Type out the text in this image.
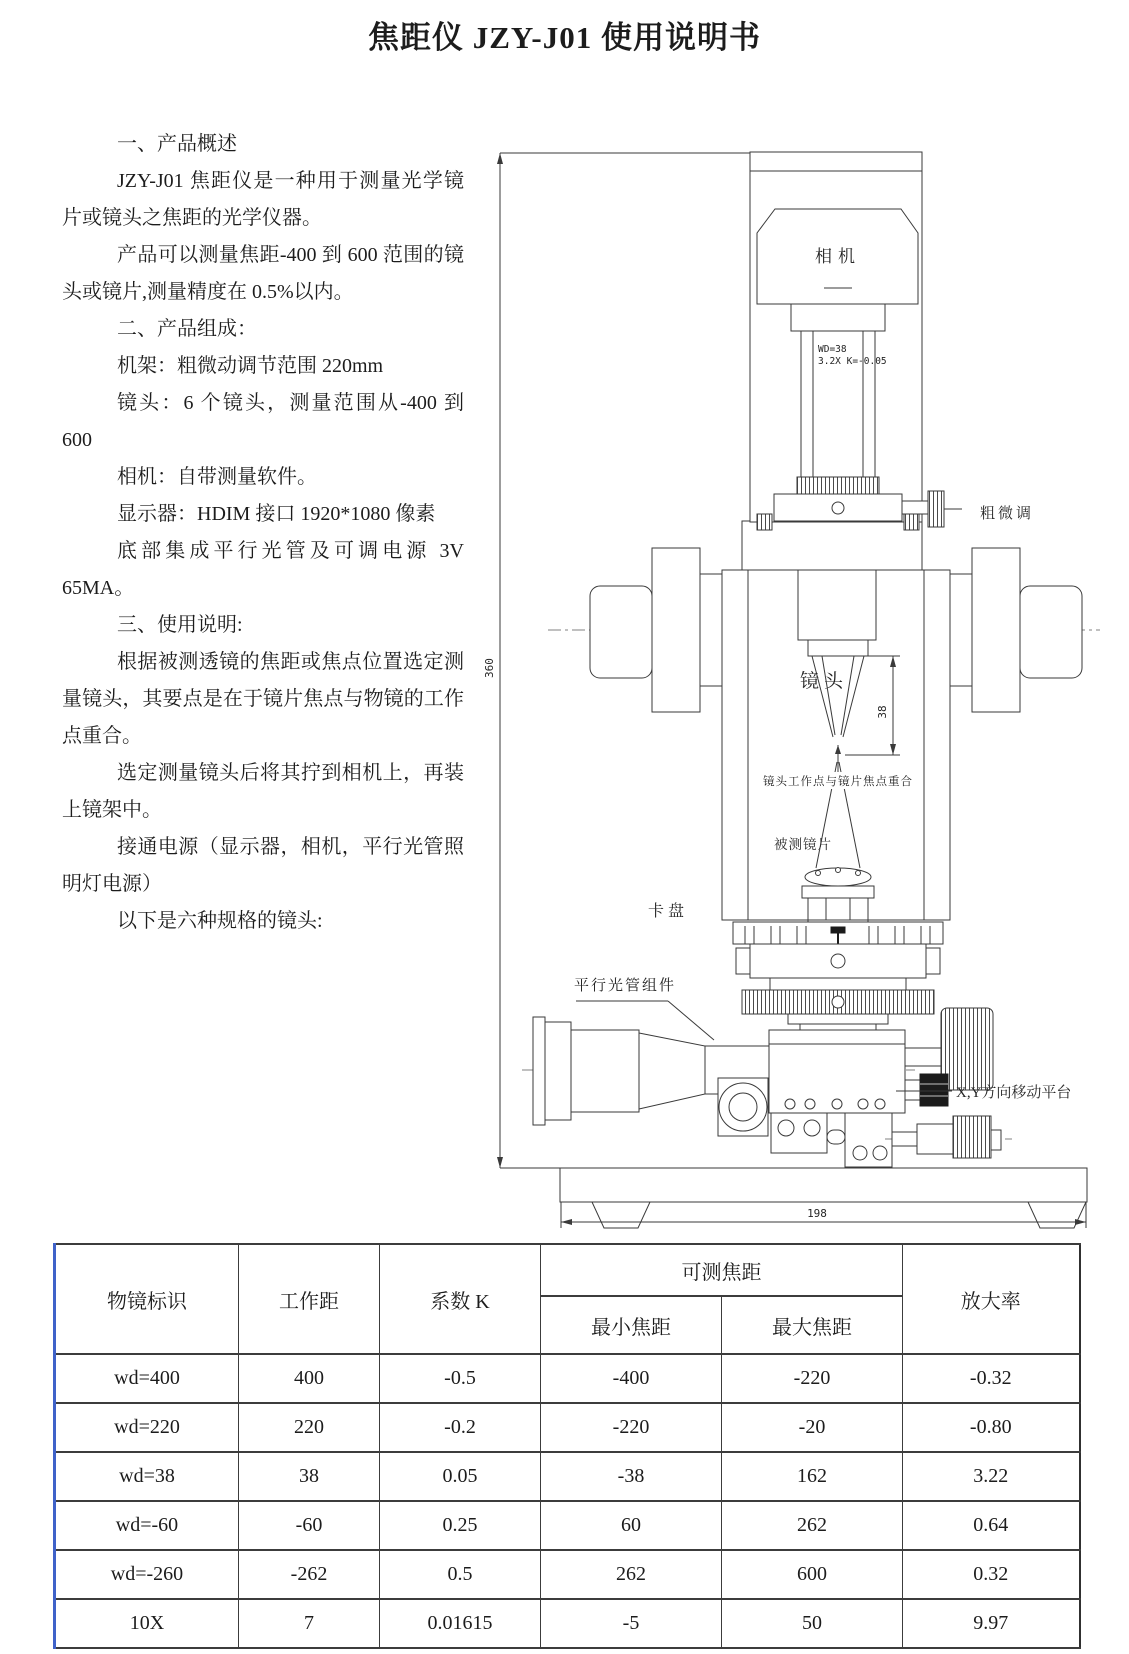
焦距仪 JZY-J01 使用说明书

一、产品概述

JZY-J01 焦距仪是一种用于测量光学镜片或镜头之焦距的光学仪器。

产品可以测量焦距-400 到 600 范围的镜头或镜片,测量精度在 0.5%以内。

二、产品组成：

机架：粗微动调节范围 220mm

镜头：6 个镜头，测量范围从-400 到 600

相机：自带测量软件。

显示器：HDIM 接口 1920*1080 像素

底部集成平行光管及可调电源 3V 65MA。

三、使用说明:

根据被测透镜的焦距或焦点位置选定测量镜头，其要点是在于镜片焦点与物镜的工作点重合。

选定测量镜头后将其拧到相机上，再装上镜架中。

接通电源（显示器，相机，平行光管照明灯电源）

以下是六种规格的镜头:

360
粗微调
相机
WD=38
3.2X K=-0.05
镜头
38
镜头工作点与镜片焦点重合
被测镜片
卡盘
平行光管组件
X,Y方向移动平台
198
物镜标识	工作距	系数 K	可测焦距		放大率
			最小焦距	最大焦距	
wd=400	400	-0.5	-400	-220	-0.32
wd=220	220	-0.2	-220	-20	-0.80
wd=38	38	0.05	-38	162	3.22
wd=-60	-60	0.25	60	262	0.64
wd=-260	-262	0.5	262	600	0.32
10X	7	0.01615	-5	50	9.97
